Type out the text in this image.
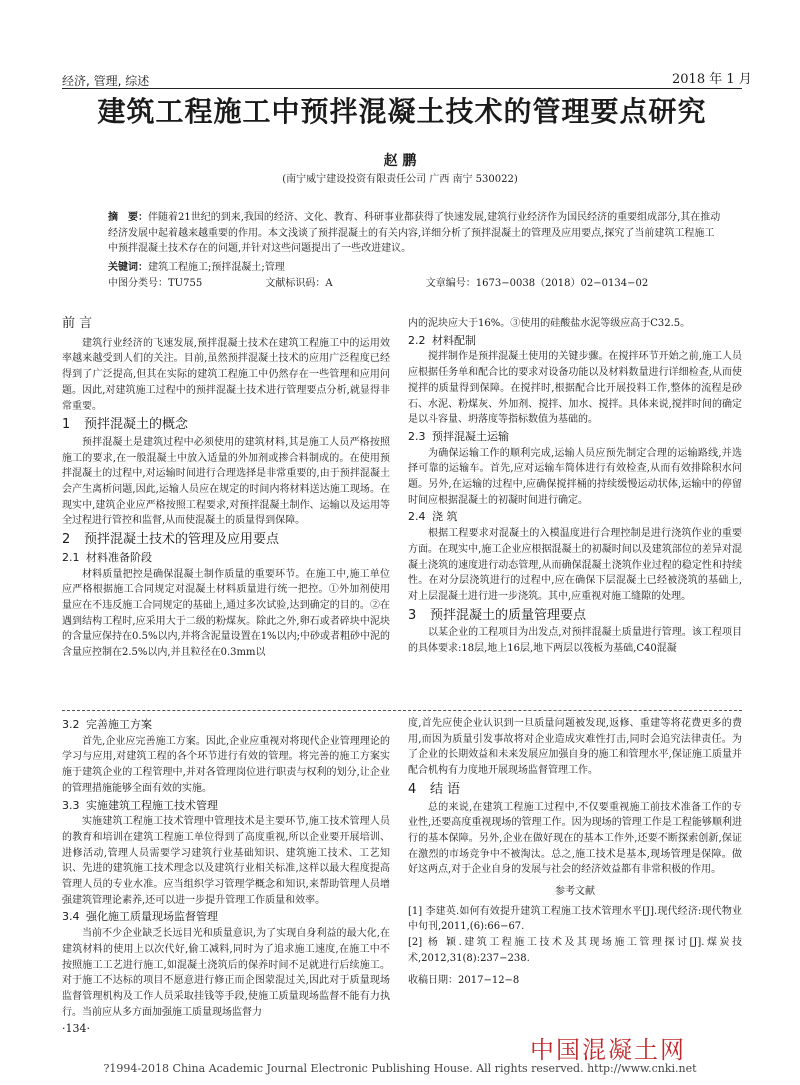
经济, 管理, 综述	2018 年 1 月
建筑工程施工中预拌混凝土技术的管理要点研究
赵 鹏
(南宁威宁建设投资有限责任公司 广西 南宁 530022)
摘　要：伴随着21世纪的到来,我国的经济、文化、教育、科研事业都获得了快速发展,建筑行业经济作为国民经济的重要组成部分,其在推动经济发展中起着越来越重要的作用。本文浅谈了预拌混凝土的有关内容,详细分析了预拌混凝土的管理及应用要点,探究了当前建筑工程施工中预拌混凝土技术存在的问题,并针对这些问题提出了一些改进建议。
关键词：建筑工程施工;预拌混凝土;管理
中图分类号：TU755	文献标识码：A	文章编号：1673−0038（2018）02−0134−02
前 言

建筑行业经济的飞速发展,预拌混凝土技术在建筑工程施工中的运用效率越来越受到人们的关注。目前,虽然预拌混凝土技术的应用广泛程度已经得到了广泛提高,但其在实际的建筑工程施工中仍然存在一些管理和应用问题。因此,对建筑施工过程中的预拌混凝土技术进行管理要点分析,就显得非常重要。

1 预拌混凝土的概念

预拌混凝土是建筑过程中必须使用的建筑材料,其是施工人员严格按照施工的要求,在一般混凝土中放入适量的外加剂或掺合料制成的。在使用预拌混凝土的过程中,对运输时间进行合理选择是非常重要的,由于预拌混凝土会产生离析问题,因此,运输人员应在规定的时间内将材料送达施工现场。在现实中,建筑企业应严格按照工程要求,对预拌混凝土制作、运输以及运用等全过程进行管控和监督,从而使混凝土的质量得到保障。

2 预拌混凝土技术的管理及应用要点
2.1 材料准备阶段

材料质量把控是确保混凝土制作质量的重要环节。在施工中,施工单位应严格根据施工合同规定对混凝土材料质量进行统一把控。①外加剂使用量应在不违反施工合同规定的基础上,通过多次试验,达到确定的目的。②在遇到结构工程时,应采用大于二级的粉煤灰。除此之外,卵石或者碎块中泥块的含量应保持在0.5%以内,并将含泥量设置在1%以内;中砂或者粗砂中泥的含量应控制在2.5%以内,并且粒径在0.3mm以

内的泥块应大于16%。③使用的硅酸盐水泥等级应高于C32.5。

2.2 材料配制

搅拌制作是预拌混凝土使用的关键步骤。在搅拌环节开始之前,施工人员应根据任务单和配合比的要求对设备功能以及材料数量进行详细检查,从而使搅拌的质量得到保障。在搅拌时,根据配合比开展投料工作,整体的流程是砂石、水泥、粉煤灰、外加剂、搅拌、加水、搅拌。具体来说,搅拌时间的确定是以斗容量、坍落度等指标数值为基础的。

2.3 预拌混凝土运输

为确保运输工作的顺利完成,运输人员应预先制定合理的运输路线,并选择可靠的运输车。首先,应对运输车简体进行有效检查,从而有效排除积水问题。另外,在运输的过程中,应确保搅拌桶的持续缓慢运动状体,运输中的停留时间应根据混凝土的初凝时间进行确定。

2.4 浇 筑

根据工程要求对混凝土的入模温度进行合理控制是进行浇筑作业的重要方面。在现实中,施工企业应根据混凝土的初凝时间以及建筑部位的差异对混凝土浇筑的速度进行动态管理,从而确保混凝土浇筑作业过程的稳定性和持续性。在对分层浇筑进行的过程中,应在确保下层混凝土已经被浇筑的基础上,对上层混凝土进行进一步浇筑。其中,应重视对施工缝隙的处理。

3 预拌混凝土的质量管理要点

以某企业的工程项目为出发点,对预拌混凝土质量进行管理。该工程项目的具体要求:18层,地上16层,地下两层以筏板为基础,C40混凝

3.2 完善施工方案

首先,企业应完善施工方案。因此,企业应重视对将现代企业管理理论的学习与应用,对建筑工程的各个环节进行有效的管理。将完善的施工方案实施于建筑企业的工程管理中,并对各管理岗位进行职责与权利的划分,让企业的管理措施能够全面有效的实施。

3.3 实施建筑工程施工技术管理

实施建筑工程施工技术管理中管理技术是主要环节,施工技术管理人员的教育和培训在建筑工程施工单位得到了高度重视,所以企业要开展培训、进修活动,管理人员需要学习建筑行业基础知识、建筑施工技术、工艺知识、先进的建筑施工技术理念以及建筑行业相关标准,这样以最大程度提高管理人员的专业水准。应当组织学习管理学概念和知识,来帮助管理人员增强建筑管理论素养,还可以进一步提升管理工作质量和效率。

3.4 强化施工质量现场监督管理

当前不少企业缺乏长远目光和质量意识,为了实现自身利益的最大化,在建筑材料的使用上以次代好,偷工减料,同时为了追求施工速度,在施工中不按照施工工艺进行施工,如混凝土浇筑后的保养时间不足就进行后续施工。对于施工不达标的项目不愿意进行修正而企图蒙混过关,因此对于质量现场监督管理机构及工作人员采取挂钱等手段,使施工质量现场监督不能有力执行。当前应从多方面加强施工质量现场监督力

度,首先应使企业认识到一旦质量问题被发现,返修、重建等将花费更多的费用,而因为质量引发事故将对企业造成灾难性打击,同时会追究法律责任。为了企业的长期效益和未来发展应加强自身的施工和管理水平,保证施工质量并配合机构有力度地开展现场监督管理工作。

4 结 语

总的来说,在建筑工程施工过程中,不仅要重视施工前技术准备工作的专业性,还要高度重视现场的管理工作。因为现场的管理工作是工程能够顺利进行的基本保障。另外,企业在做好现在的基本工作外,还要不断探索创新,保证在激烈的市场竞争中不被淘汰。总之,施工技术是基本,现场管理是保障。做好这两点,对于企业自身的发展与社会的经济效益都有非常积极的作用。

参考文献

[1] 李建英.如何有效提升建筑工程施工技术管理水平[J].现代经济:现代物业中旬刊,2011,(6):66−67.

[2] 杨 颖.建筑工程施工技术及其现场施工管理探讨[J].煤炭技术,2012,31(8):237−238.

收稿日期：2017−12−8

·134·
中国混凝土网
?1994-2018 China Academic Journal Electronic Publishing House. All rights reserved. http://www.cnki.net
